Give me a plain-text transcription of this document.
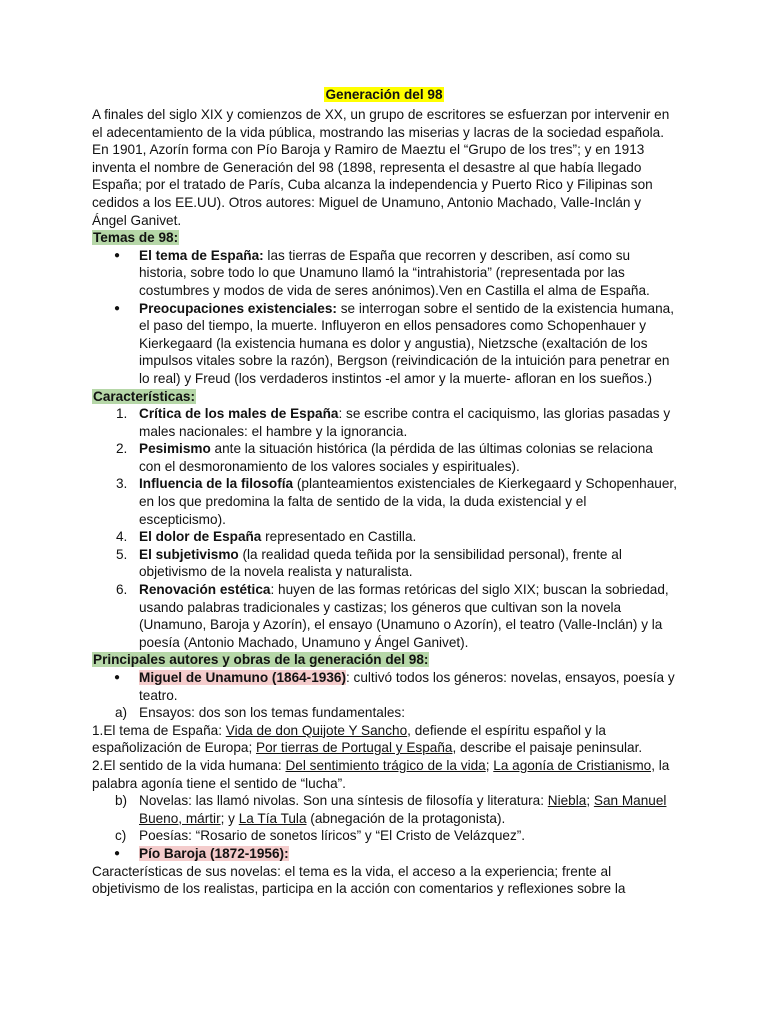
Generación del 98

A finales del siglo XIX y comienzos de XX, un grupo de escritores se esfuerzan por intervenir en el adecentamiento de la vida pública, mostrando las miserias y lacras de la sociedad española. En 1901, Azorín forma con Pío Baroja y Ramiro de Maeztu el “Grupo de los tres”; y en 1913 inventa el nombre de Generación del 98 (1898, representa el desastre al que había llegado España; por el tratado de París, Cuba alcanza la independencia y Puerto Rico y Filipinas son cedidos a los EE.UU). Otros autores: Miguel de Unamuno, Antonio Machado, Valle-Inclán y Ángel Ganivet.

Temas de 98:

● El tema de España: las tierras de España que recorren y describen, así como su historia, sobre todo lo que Unamuno llamó la “intrahistoria” (representada por las costumbres y modos de vida de seres anónimos).Ven en Castilla el alma de España.
● Preocupaciones existenciales: se interrogan sobre el sentido de la existencia humana, el paso del tiempo, la muerte. Influyeron en ellos pensadores como Schopenhauer y Kierkegaard (la existencia humana es dolor y angustia), Nietzsche (exaltación de los impulsos vitales sobre la razón), Bergson (reivindicación de la intuición para penetrar en lo real) y Freud (los verdaderos instintos -el amor y la muerte- afloran en los sueños.)

Características:

1. Crítica de los males de España: se escribe contra el caciquismo, las glorias pasadas y males nacionales: el hambre y la ignorancia.
2. Pesimismo ante la situación histórica (la pérdida de las últimas colonias se relaciona con el desmoronamiento de los valores sociales y espirituales).
3. Influencia de la filosofía (planteamientos existenciales de Kierkegaard y Schopenhauer, en los que predomina la falta de sentido de la vida, la duda existencial y el escepticismo).
4. El dolor de España representado en Castilla.
5. El subjetivismo (la realidad queda teñida por la sensibilidad personal), frente al objetivismo de la novela realista y naturalista.
6. Renovación estética: huyen de las formas retóricas del siglo XIX; buscan la sobriedad, usando palabras tradicionales y castizas; los géneros que cultivan son la novela (Unamuno, Baroja y Azorín), el ensayo (Unamuno o Azorín), el teatro (Valle-Inclán) y la poesía (Antonio Machado, Unamuno y Ángel Ganivet).

Principales autores y obras de la generación del 98:

● Miguel de Unamuno (1864-1936): cultivó todos los géneros: novelas, ensayos, poesía y teatro.
a) Ensayos: dos son los temas fundamentales:

1.El tema de España: Vida de don Quijote Y Sancho, defiende el espíritu español y la españolización de Europa; Por tierras de Portugal y España, describe el paisaje peninsular.

2.El sentido de la vida humana: Del sentimiento trágico de la vida; La agonía de Cristianismo, la palabra agonía tiene el sentido de “lucha”.

b) Novelas: las llamó nivolas. Son una síntesis de filosofía y literatura: Niebla; San Manuel Bueno, mártir; y La Tía Tula (abnegación de la protagonista).
c) Poesías: “Rosario de sonetos líricos” y “El Cristo de Velázquez”.
● Pío Baroja (1872-1956):

Características de sus novelas: el tema es la vida, el acceso a la experiencia; frente al objetivismo de los realistas, participa en la acción con comentarios y reflexiones sobre la
